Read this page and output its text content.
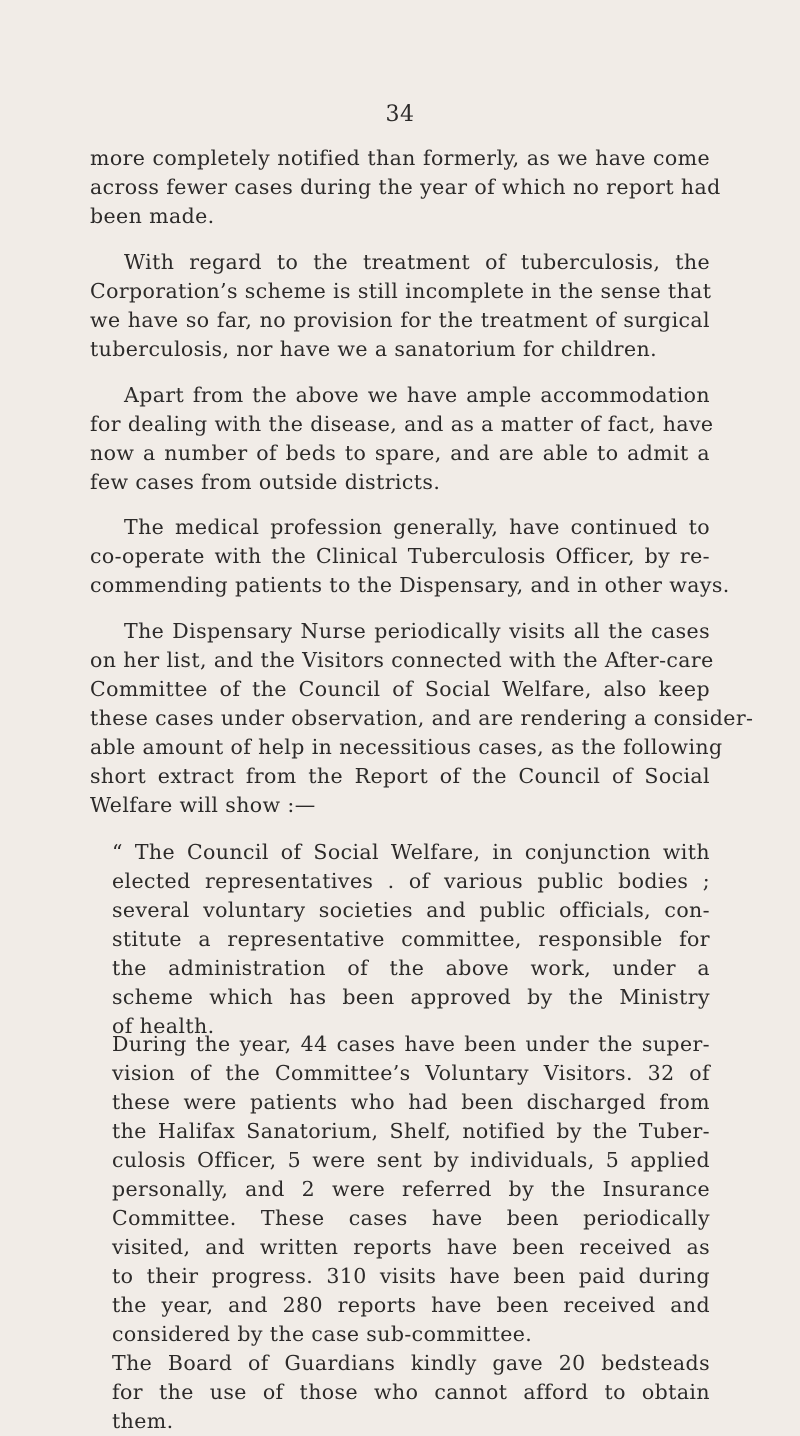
34

more completely notified than formerly, as we have come
across fewer cases during the year of which no report had
been made.

With regard to the treatment of tuberculosis, the
Corporation’s scheme is still incomplete in the sense that
we have so far, no provision for the treatment of surgical
tuberculosis, nor have we a sanatorium for children.

Apart from the above we have ample accommodation
for dealing with the disease, and as a matter of fact, have
now a number of beds to spare, and are able to admit a
few cases from outside districts.

The medical profession generally, have continued to
co-operate with the Clinical Tuberculosis Officer, by re-
commending patients to the Dispensary, and in other ways.

The Dispensary Nurse periodically visits all the cases
on her list, and the Visitors connected with the After-care
Committee of the Council of Social Welfare, also keep
these cases under observation, and are rendering a consider-
able amount of help in necessitious cases, as the following
short extract from the Report of the Council of Social
Welfare will show :—

“ The Council of Social Welfare, in conjunction with
elected representatives . of various public bodies ;
several voluntary societies and public officials, con-
stitute a representative committee, responsible for
the administration of the above work, under a
scheme which has been approved by the Ministry
of health.

During the year, 44 cases have been under the super-
vision of the Committee’s Voluntary Visitors. 32 of
these were patients who had been discharged from
the Halifax Sanatorium, Shelf, notified by the Tuber-
culosis Officer, 5 were sent by individuals, 5 applied
personally, and 2 were referred by the Insurance
Committee. These cases have been periodically
visited, and written reports have been received as
to their progress. 310 visits have been paid during
the year, and 280 reports have been received and
considered by the case sub-committee.
The Board of Guardians kindly gave 20 bedsteads
for the use of those who cannot afford to obtain
them.
